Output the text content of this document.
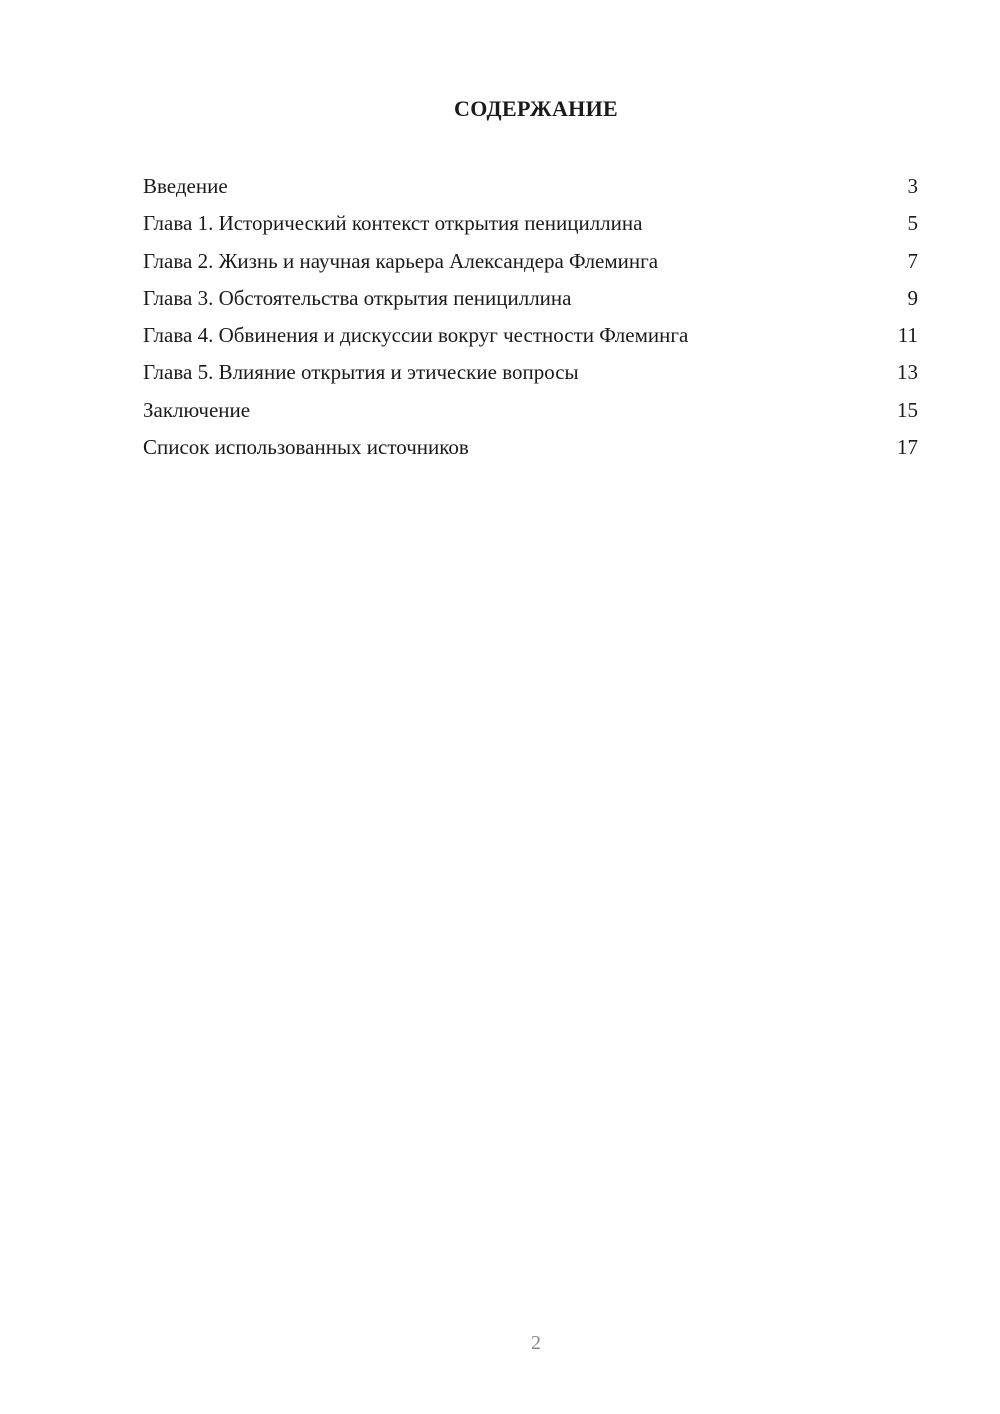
СОДЕРЖАНИЕ
Введение	3
Глава 1. Исторический контекст открытия пенициллина	5
Глава 2. Жизнь и научная карьера Александера Флеминга	7
Глава 3. Обстоятельства открытия пенициллина	9
Глава 4. Обвинения и дискуссии вокруг честности Флеминга	11
Глава 5. Влияние открытия и этические вопросы	13
Заключение	15
Список использованных источников	17
2
